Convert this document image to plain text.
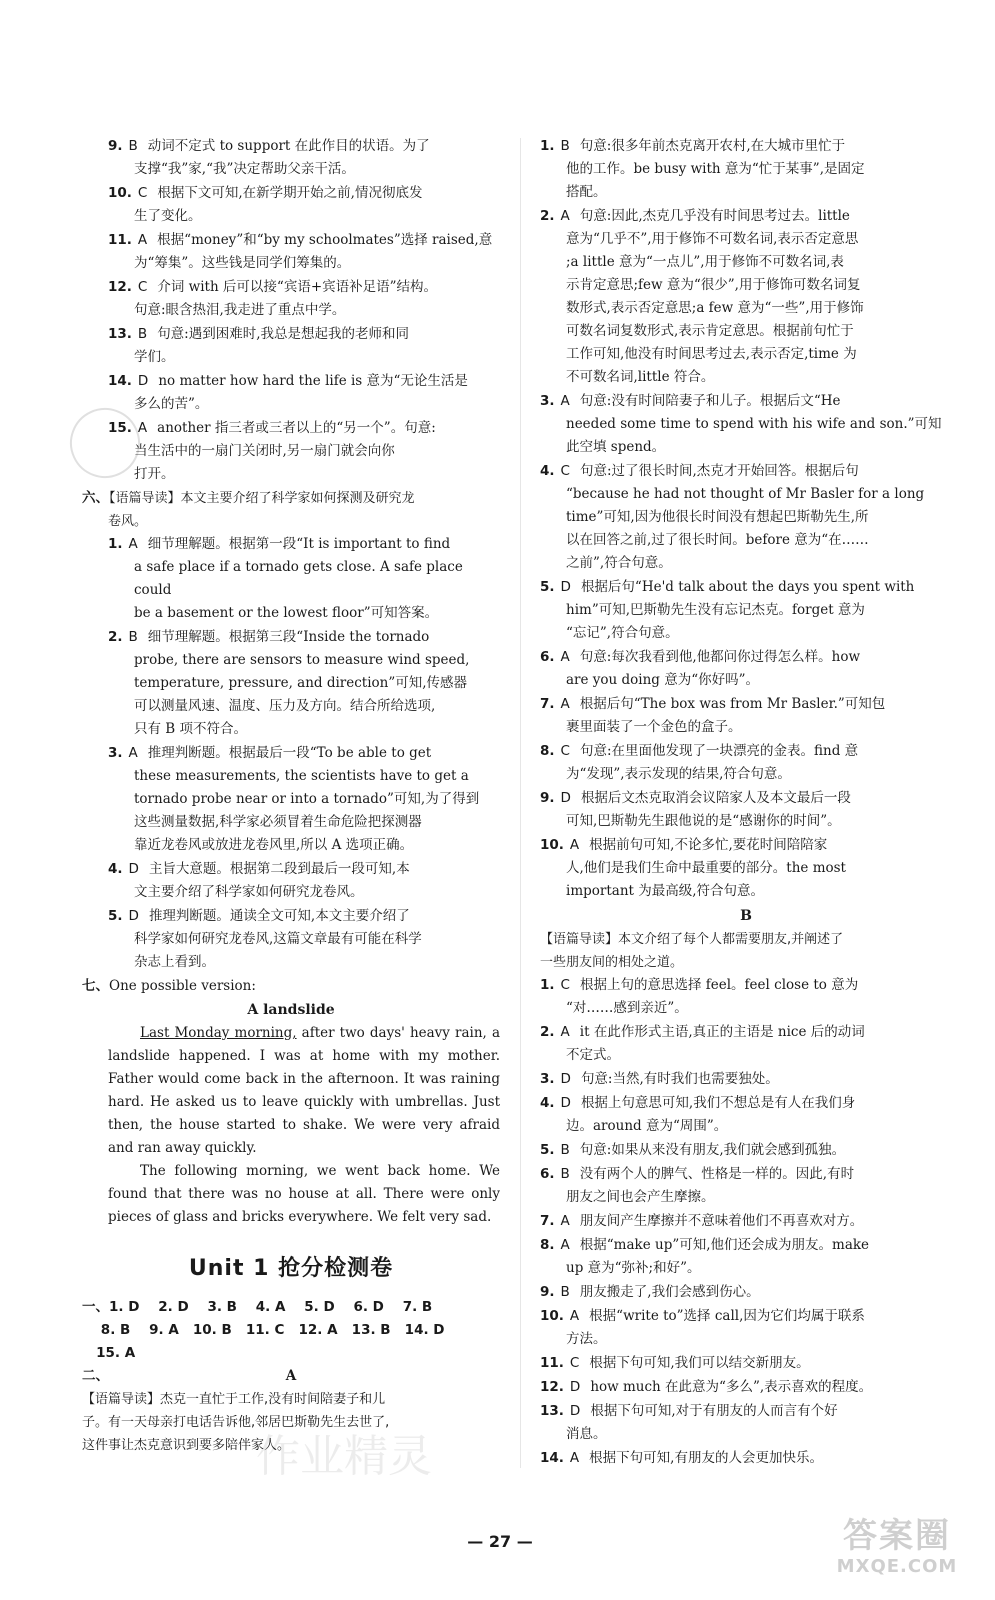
作业精灵
9. B 动词不定式 to support 在此作目的状语。为了
支撑“我”家,“我”决定帮助父亲干活。
10. C 根据下文可知,在新学期开始之前,情况彻底发
生了变化。
11. A 根据“money”和“by my schoolmates”选择 raised,意
为“筹集”。这些钱是同学们筹集的。
12. C 介词 with 后可以接“宾语+宾语补足语”结构。
句意:眼含热泪,我走进了重点中学。
13. B 句意:遇到困难时,我总是想起我的老师和同
学们。
14. D no matter how hard the life is 意为“无论生活是
多么的苦”。
15. A another 指三者或三者以上的“另一个”。句意:
当生活中的一扇门关闭时,另一扇门就会向你
打开。
六、【语篇导读】本文主要介绍了科学家如何探测及研究龙
卷风。
1. A 细节理解题。根据第一段“It is important to find
a safe place if a tornado gets close. A safe place could
be a basement or the lowest floor”可知答案。
2. B 细节理解题。根据第三段“Inside the tornado
probe, there are sensors to measure wind speed,
temperature, pressure, and direction”可知,传感器
可以测量风速、温度、压力及方向。结合所给选项,
只有 B 项不符合。
3. A 推理判断题。根据最后一段“To be able to get
these measurements, the scientists have to get a
tornado probe near or into a tornado”可知,为了得到
这些测量数据,科学家必须冒着生命危险把探测器
靠近龙卷风或放进龙卷风里,所以 A 选项正确。
4. D 主旨大意题。根据第二段到最后一段可知,本
文主要介绍了科学家如何研究龙卷风。
5. D 推理判断题。通读全文可知,本文主要介绍了
科学家如何研究龙卷风,这篇文章最有可能在科学
杂志上看到。
七、One possible version:
A landslide
Last Monday morning, after two days' heavy rain, a landslide happened. I was at home with my mother. Father would come back in the afternoon. It was raining hard. He asked us to leave quickly with umbrellas. Just then, the house started to shake. We were very afraid and ran away quickly.
The following morning, we went back home. We found that there was no house at all. There were only pieces of glass and bricks everywhere. We felt very sad.
Unit 1 抢分检测卷
一、1. D    2. D    3. B    4. A    5. D    6. D    7. B
8. B    9. A   10. B   11. C   12. A   13. B   14. D
15. A
二、	A
【语篇导读】杰克一直忙于工作,没有时间陪妻子和儿
子。有一天母亲打电话告诉他,邻居巴斯勒先生去世了,
这件事让杰克意识到要多陪伴家人。
1. B 句意:很多年前杰克离开农村,在大城市里忙于
他的工作。be busy with 意为“忙于某事”,是固定
搭配。
2. A 句意:因此,杰克几乎没有时间思考过去。little
意为“几乎不”,用于修饰不可数名词,表示否定意思
;a little 意为“一点儿”,用于修饰不可数名词,表
示肯定意思;few 意为“很少”,用于修饰可数名词复
数形式,表示否定意思;a few 意为“一些”,用于修饰
可数名词复数形式,表示肯定意思。根据前句忙于
工作可知,他没有时间思考过去,表示否定,time 为
不可数名词,little 符合。
3. A 句意:没有时间陪妻子和儿子。根据后文“He
needed some time to spend with his wife and son.”可知
此空填 spend。
4. C 句意:过了很长时间,杰克才开始回答。根据后句
“because he had not thought of Mr Basler for a long
time”可知,因为他很长时间没有想起巴斯勒先生,所
以在回答之前,过了很长时间。before 意为“在……
之前”,符合句意。
5. D 根据后句“He'd talk about the days you spent with
him”可知,巴斯勒先生没有忘记杰克。forget 意为
“忘记”,符合句意。
6. A 句意:每次我看到他,他都问你过得怎么样。how
are you doing 意为“你好吗”。
7. A 根据后句“The box was from Mr Basler.”可知包
裹里面装了一个金色的盒子。
8. C 句意:在里面他发现了一块漂亮的金表。find 意
为“发现”,表示发现的结果,符合句意。
9. D 根据后文杰克取消会议陪家人及本文最后一段
可知,巴斯勒先生跟他说的是“感谢你的时间”。
10. A 根据前句可知,不论多忙,要花时间陪陪家
人,他们是我们生命中最重要的部分。the most
important 为最高级,符合句意。
B
【语篇导读】本文介绍了每个人都需要朋友,并阐述了
一些朋友间的相处之道。
1. C 根据上句的意思选择 feel。feel close to 意为
“对……感到亲近”。
2. A it 在此作形式主语,真正的主语是 nice 后的动词
不定式。
3. D 句意:当然,有时我们也需要独处。
4. D 根据上句意思可知,我们不想总是有人在我们身
边。around 意为“周围”。
5. B 句意:如果从来没有朋友,我们就会感到孤独。
6. B 没有两个人的脾气、性格是一样的。因此,有时
朋友之间也会产生摩擦。
7. A 朋友间产生摩擦并不意味着他们不再喜欢对方。
8. A 根据“make up”可知,他们还会成为朋友。make
up 意为“弥补;和好”。
9. B 朋友搬走了,我们会感到伤心。
10. A 根据“write to”选择 call,因为它们均属于联系
方法。
11. C 根据下句可知,我们可以结交新朋友。
12. D how much 在此意为“多么”,表示喜欢的程度。
13. D 根据下句可知,对于有朋友的人而言有个好
消息。
14. A 根据下句可知,有朋友的人会更加快乐。
— 27 —	答案圈
MXQE.COM
